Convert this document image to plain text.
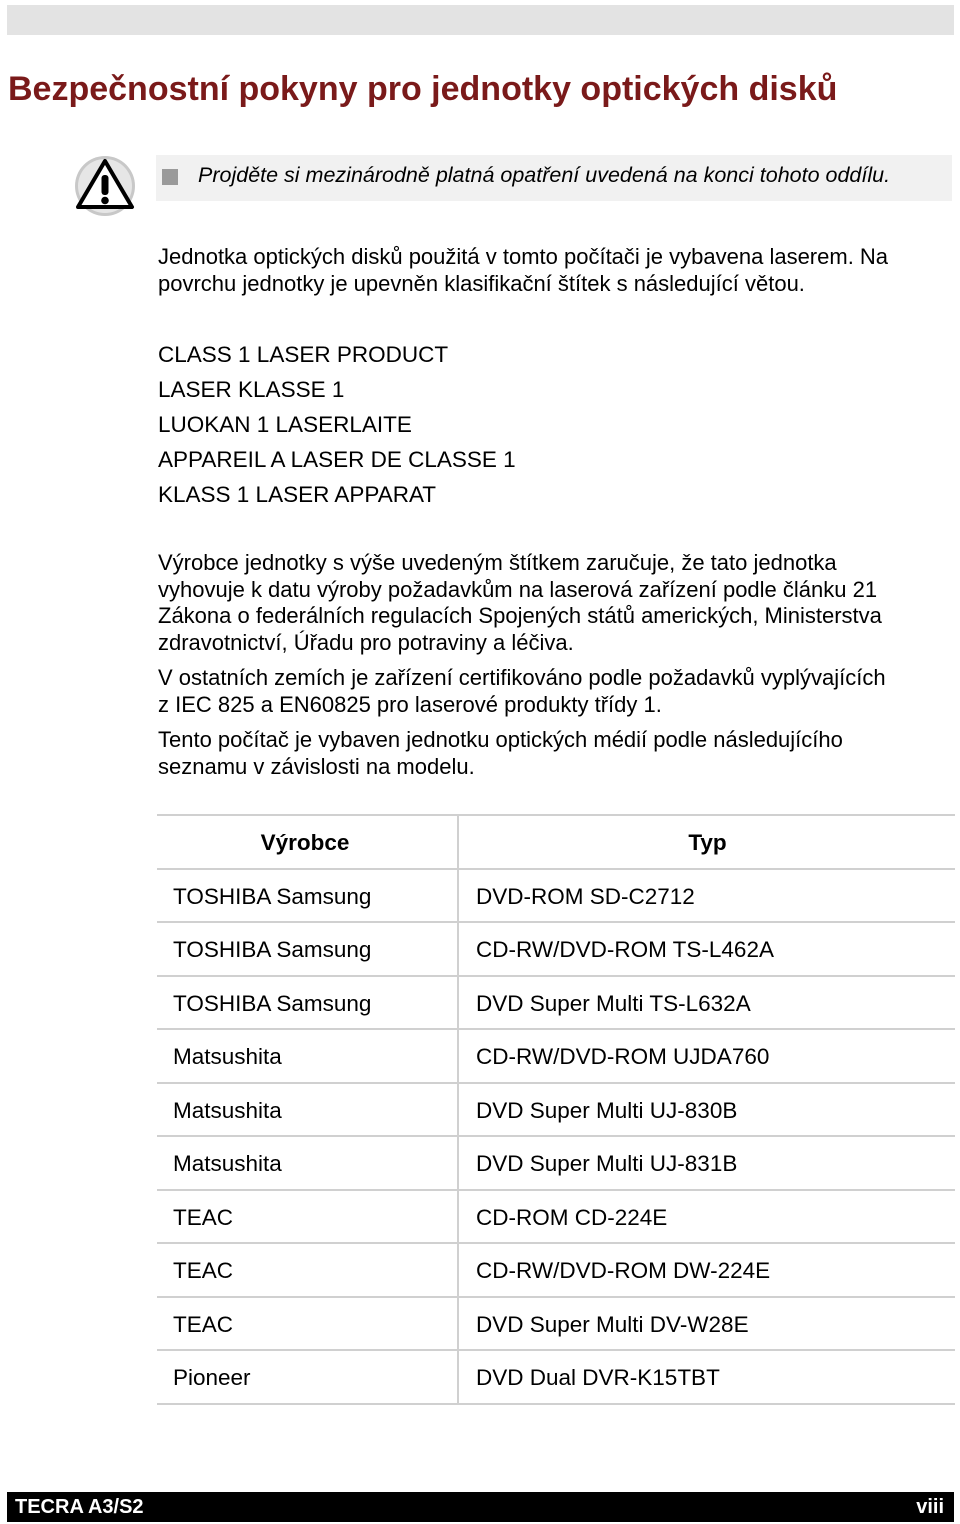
Bezpečnostní pokyny pro jednotky optických disků
Projděte si mezinárodně platná opatření uvedená na konci tohoto oddílu.

Jednotka optických disků použitá v tomto počítači je vybavena laserem. Na
povrchu jednotky je upevněn klasifikační štítek s následující větou.

CLASS 1 LASER PRODUCT
LASER KLASSE 1
LUOKAN 1 LASERLAITE
APPAREIL A LASER DE CLASSE 1
KLASS 1 LASER APPARAT

Výrobce jednotky s výše uvedeným štítkem zaručuje, že tato jednotka
vyhovuje k datu výroby požadavkům na laserová zařízení podle článku 21
Zákona o federálních regulacích Spojených států amerických, Ministerstva
zdravotnictví, Úřadu pro potraviny a léčiva.

V ostatních zemích je zařízení certifikováno podle požadavků vyplývajících
z IEC 825 a EN60825 pro laserové produkty třídy 1.

Tento počítač je vybaven jednotku optických médií podle následujícího
seznamu v závislosti na modelu.

Výrobce	Typ
TOSHIBA Samsung	DVD-ROM SD-C2712
TOSHIBA Samsung	CD-RW/DVD-ROM TS-L462A
TOSHIBA Samsung	DVD Super Multi TS-L632A
Matsushita	CD-RW/DVD-ROM UJDA760
Matsushita	DVD Super Multi UJ-830B
Matsushita	DVD Super Multi UJ-831B
TEAC	CD-ROM CD-224E
TEAC	CD-RW/DVD-ROM DW-224E
TEAC	DVD Super Multi DV-W28E
Pioneer	DVD Dual DVR-K15TBT
TECRA A3/S2	viii
